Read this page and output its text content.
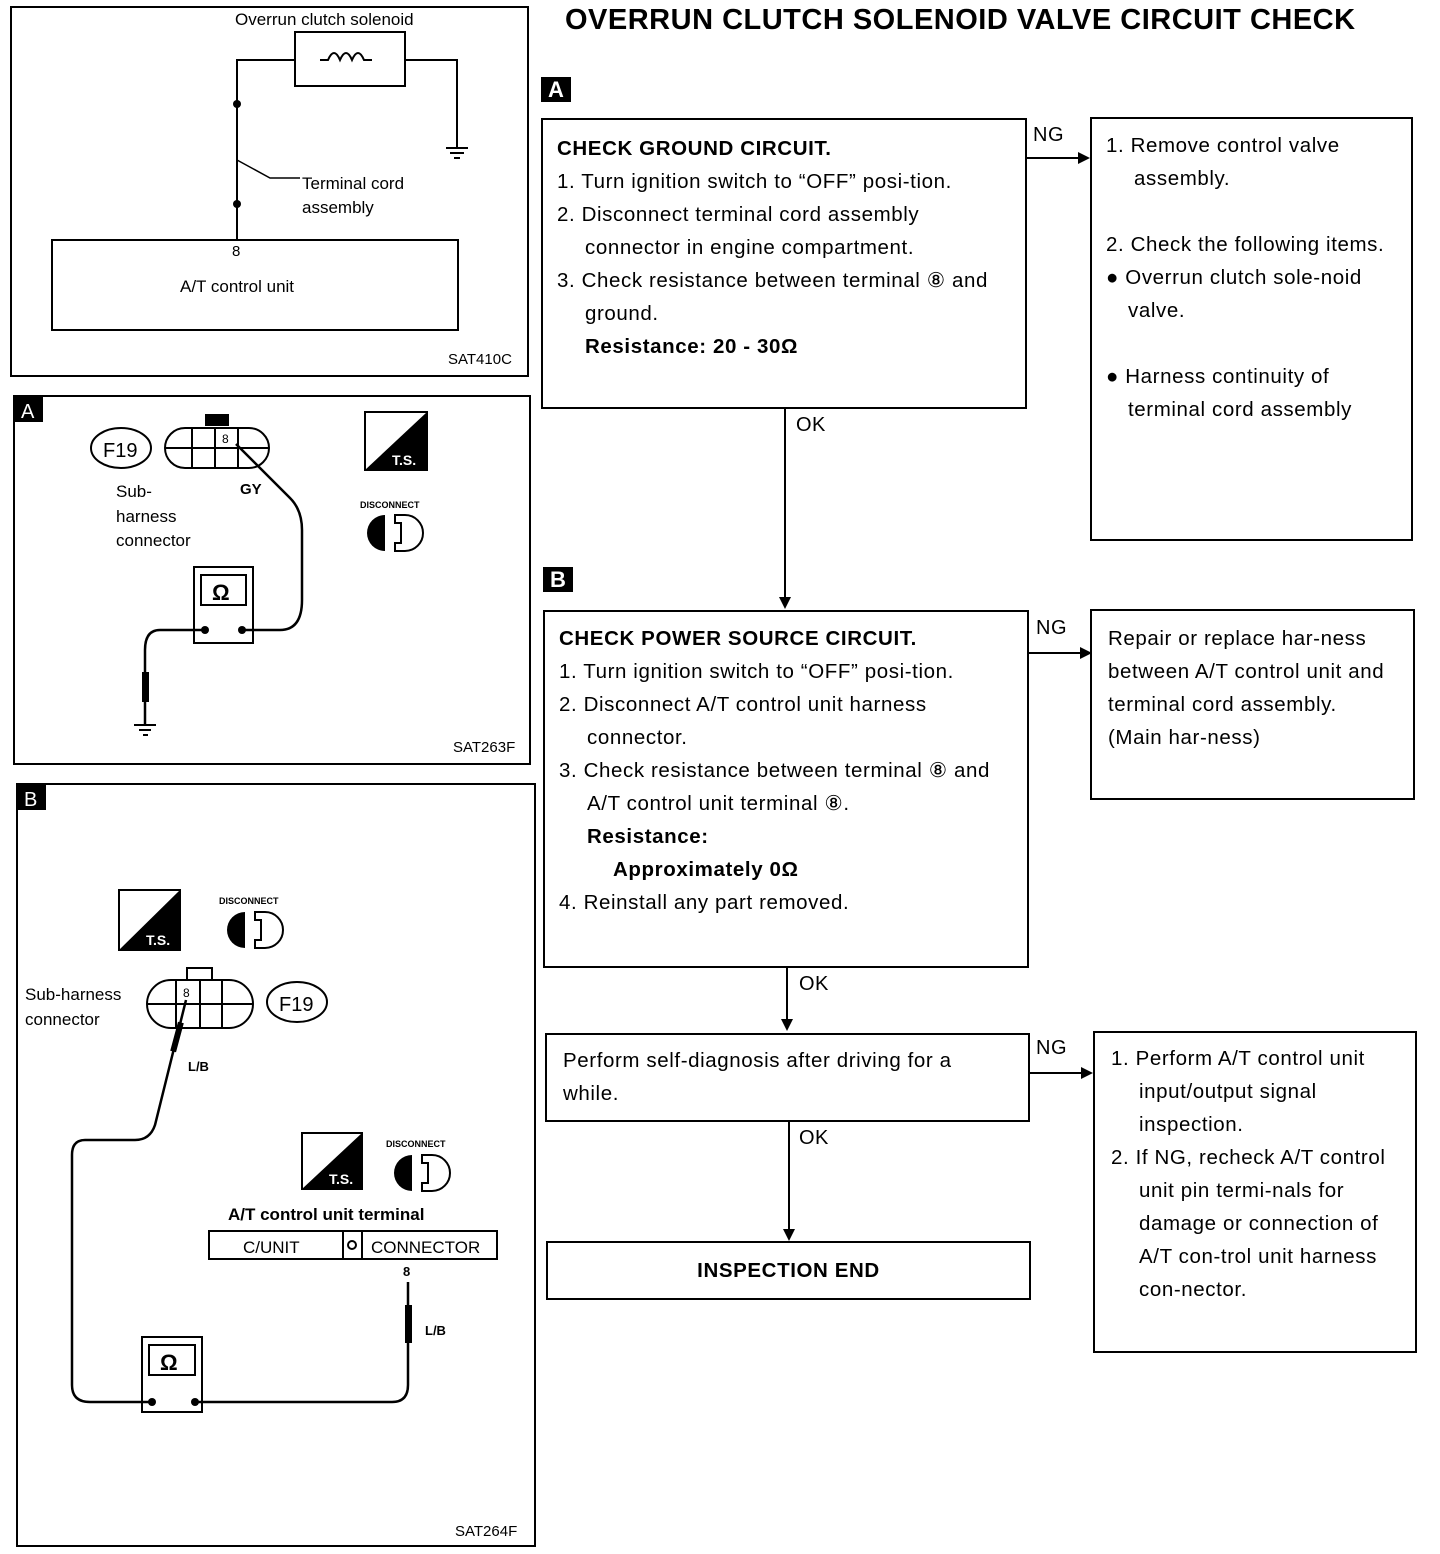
Overrun clutch solenoid
Terminal cord
assembly
8
A/T control unit
SAT410C
A
F19
8
GY
Sub-
harness
connector
Ω
T.S.
DISCONNECT
SAT263F
B
T.S.
DISCONNECT
Sub-harness
connector
8
F19
L/B
T.S.
DISCONNECT
A/T control unit terminal
C/UNIT	CONNECTOR
8
L/B
Ω
SAT264F
OVERRUN CLUTCH SOLENOID VALVE CIRCUIT CHECK
A
CHECK GROUND CIRCUIT.
1. Turn ignition switch to “OFF” posi-tion.
2. Disconnect terminal cord assembly connector in engine compartment.
3. Check resistance between terminal ⑧ and ground.
Resistance: 20 - 30Ω
NG 1. Remove control valve assembly.
2. Check the following items.
● Overrun clutch sole-noid valve.
● Harness continuity of terminal cord assembly
OK
B
CHECK POWER SOURCE CIRCUIT.
1. Turn ignition switch to “OFF” posi-tion.
2. Disconnect A/T control unit harness connector.
3. Check resistance between terminal ⑧ and A/T control unit terminal ⑧.
Resistance:
Approximately 0Ω
4. Reinstall any part removed.
NG Repair or replace har-ness between A/T control unit and terminal cord assembly. (Main har-ness)
OK
Perform self-diagnosis after driving for a while.
NG 1. Perform A/T control unit input/output signal inspection.
2. If NG, recheck A/T control unit pin termi-nals for damage or connection of A/T con-trol unit harness con-nector.
OK
INSPECTION END
